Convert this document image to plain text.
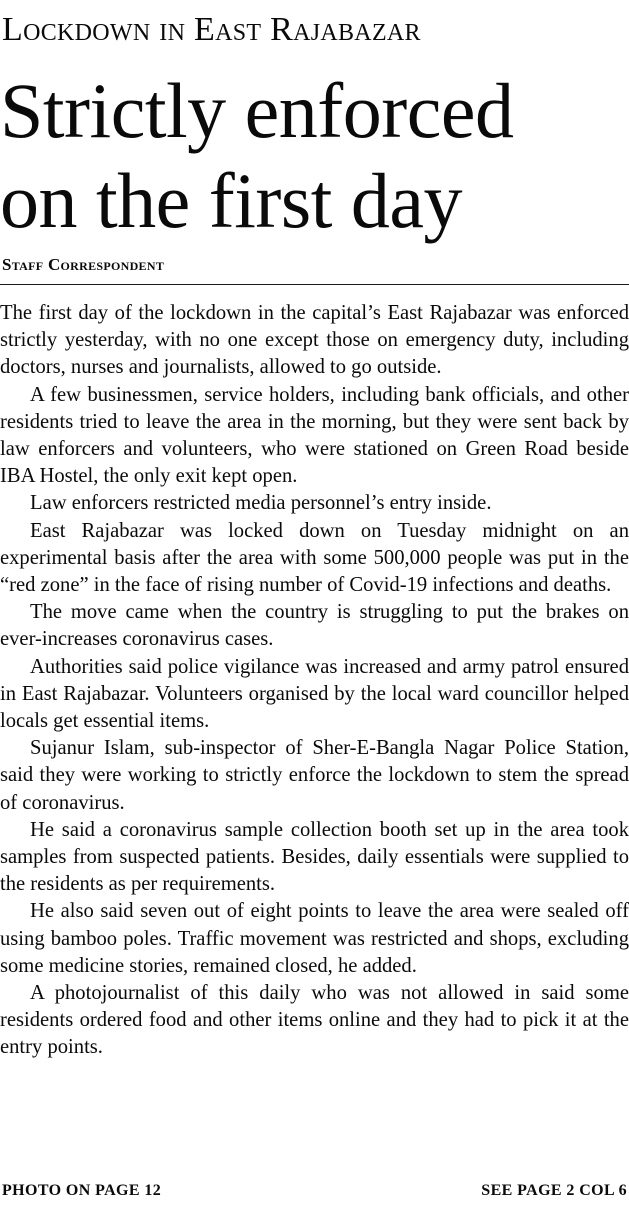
Lockdown in East Rajabazar
Strictly enforced
on the first day
Staff Correspondent

The first day of the lockdown in the capital’s East Rajabazar was enforced strictly yesterday, with no one except those on emergency duty, including doctors, nurses and journalists, allowed to go outside.

A few businessmen, service holders, including bank officials, and other residents tried to leave the area in the morning, but they were sent back by law enforcers and volunteers, who were stationed on Green Road beside IBA Hostel, the only exit kept open.

Law enforcers restricted media personnel’s entry inside.

East Rajabazar was locked down on Tuesday midnight on an experimental basis after the area with some 500,000 people was put in the “red zone” in the face of rising number of Covid-19 infections and deaths.

The move came when the country is struggling to put the brakes on ever-increases coronavirus cases.

Authorities said police vigilance was increased and army patrol ensured in East Rajabazar. Volunteers organised by the local ward councillor helped locals get essential items.

Sujanur Islam, sub-inspector of Sher-E-Bangla Nagar Police Station, said they were working to strictly enforce the lockdown to stem the spread of coronavirus.

He said a coronavirus sample collection booth set up in the area took samples from suspected patients. Besides, daily essentials were supplied to the residents as per requirements.

He also said seven out of eight points to leave the area were sealed off using bamboo poles. Traffic movement was restricted and shops, excluding some medicine stories, remained closed, he added.

A photojournalist of this daily who was not allowed in said some residents ordered food and other items online and they had to pick it at the entry points.

PHOTO ON PAGE 12	SEE PAGE 2 COL 6
